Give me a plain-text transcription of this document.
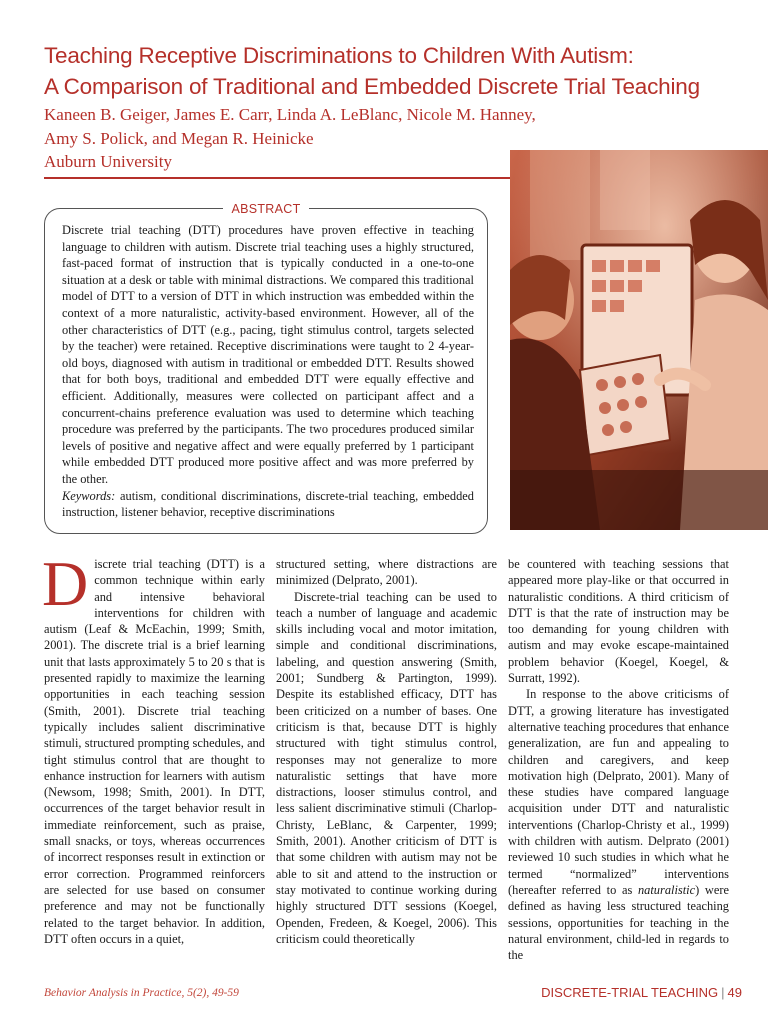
Teaching Receptive Discriminations to Children With Autism:
A Comparison of Traditional and Embedded Discrete Trial Teaching
Kaneen B. Geiger, James E. Carr, Linda A. LeBlanc, Nicole M. Hanney,
Amy S. Polick, and Megan R. Heinicke
Auburn University
ABSTRACT

Discrete trial teaching (DTT) procedures have proven effective in teaching language to children with autism. Discrete trial teaching uses a highly structured, fast-paced format of instruction that is typically conducted in a one-to-one situation at a desk or table with minimal distractions. We compared this traditional model of DTT to a version of DTT in which instruction was embedded within the context of a more naturalistic, activity-based environment. However, all of the other characteristics of DTT (e.g., pacing, tight stimulus control, targets selected by the teacher) were retained. Receptive discriminations were taught to 2 4-year-old boys, diagnosed with autism in traditional or embedded DTT. Results showed that for both boys, traditional and embedded DTT were equally effective and efficient. Additionally, measures were collected on participant affect and a concurrent-chains preference evaluation was used to determine which teaching procedure was preferred by the participants. The two procedures produced similar levels of positive and negative affect and were equally preferred by 1 participant while embedded DTT produced more positive affect and was more preferred by the other.
Keywords: autism, conditional discriminations, discrete-trial teaching, embedded instruction, listener behavior, receptive discriminations

Discrete trial teaching (DTT) is a common technique within early and intensive behavioral interventions for children with autism (Leaf & McEachin, 1999; Smith, 2001). The discrete trial is a brief learning unit that lasts approximately 5 to 20 s that is presented rapidly to maximize the learning opportunities in each teaching session (Smith, 2001). Discrete trial teaching typically includes salient discriminative stimuli, structured prompting schedules, and tight stimulus control that are thought to enhance instruction for learners with autism (Newsom, 1998; Smith, 2001). In DTT, occurrences of the target behavior result in immediate reinforcement, such as praise, small snacks, or toys, whereas occurrences of incorrect responses result in extinction or error correction. Programmed reinforcers are selected for use based on consumer preference and may not be functionally related to the target behavior. In addition, DTT often occurs in a quiet,

structured setting, where distractions are minimized (Delprato, 2001).

Discrete-trial teaching can be used to teach a number of language and academic skills including vocal and motor imitation, simple and conditional discriminations, labeling, and question answering (Smith, 2001; Sundberg & Partington, 1999). Despite its established efficacy, DTT has been criticized on a number of bases. One criticism is that, because DTT is highly structured with tight stimulus control, responses may not generalize to more naturalistic settings that have more distractions, looser stimulus control, and less salient discriminative stimuli (Charlop-Christy, LeBlanc, & Carpenter, 1999; Smith, 2001). Another criticism of DTT is that some children with autism may not be able to sit and attend to the instruction or stay motivated to continue working during highly structured DTT sessions (Koegel, Openden, Fredeen, & Koegel, 2006). This criticism could theoretically

be countered with teaching sessions that appeared more play-like or that occurred in naturalistic conditions. A third criticism of DTT is that the rate of instruction may be too demanding for young children with autism and may evoke escape-maintained problem behavior (Koegel, Koegel, & Surratt, 1992).

In response to the above criticisms of DTT, a growing literature has investigated alternative teaching procedures that enhance generalization, are fun and appealing to children and caregivers, and keep motivation high (Delprato, 2001). Many of these studies have compared language acquisition under DTT and naturalistic interventions (Charlop-Christy et al., 1999) with children with autism. Delprato (2001) reviewed 10 such studies in which what he termed “normalized” interventions (hereafter referred to as naturalistic) were defined as having less structured teaching sessions, opportunities for teaching in the natural environment, child-led in regards to the

Behavior Analysis in Practice, 5(2), 49-59	DISCRETE-TRIAL TEACHING | 49
